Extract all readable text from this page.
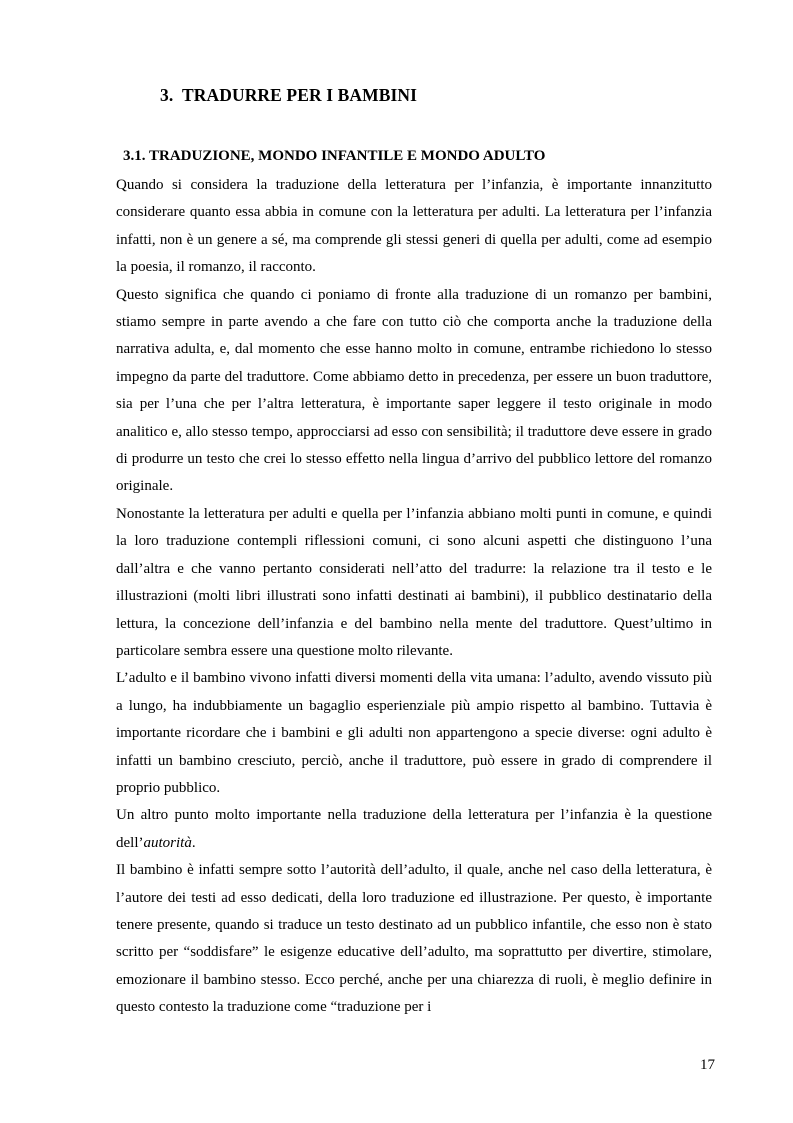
3. TRADURRE PER I BAMBINI
3.1. TRADUZIONE, MONDO INFANTILE E MONDO ADULTO

Quando si considera la traduzione della letteratura per l’infanzia, è importante innanzitutto considerare quanto essa abbia in comune con la letteratura per adulti. La letteratura per l’infanzia infatti, non è un genere a sé, ma comprende gli stessi generi di quella per adulti, come ad esempio la poesia, il romanzo, il racconto.

Questo significa che quando ci poniamo di fronte alla traduzione di un romanzo per bambini, stiamo sempre in parte avendo a che fare con tutto ciò che comporta anche la traduzione della narrativa adulta, e, dal momento che esse hanno molto in comune, entrambe richiedono lo stesso impegno da parte del traduttore. Come abbiamo detto in precedenza, per essere un buon traduttore, sia per l’una che per l’altra letteratura, è importante saper leggere il testo originale in modo analitico e, allo stesso tempo, approcciarsi ad esso con sensibilità; il traduttore deve essere in grado di produrre un testo che crei lo stesso effetto nella lingua d’arrivo del pubblico lettore del romanzo originale.

Nonostante la letteratura per adulti e quella per l’infanzia abbiano molti punti in comune, e quindi la loro traduzione contempli riflessioni comuni, ci sono alcuni aspetti che distinguono l’una dall’altra e che vanno pertanto considerati nell’atto del tradurre: la relazione tra il testo e le illustrazioni (molti libri illustrati sono infatti destinati ai bambini), il pubblico destinatario della lettura, la concezione dell’infanzia e del bambino nella mente del traduttore. Quest’ultimo in particolare sembra essere una questione molto rilevante.

L’adulto e il bambino vivono infatti diversi momenti della vita umana: l’adulto, avendo vissuto più a lungo, ha indubbiamente un bagaglio esperienziale più ampio rispetto al bambino. Tuttavia è importante ricordare che i bambini e gli adulti non appartengono a specie diverse: ogni adulto è infatti un bambino cresciuto, perciò, anche il traduttore, può essere in grado di comprendere il proprio pubblico.

Un altro punto molto importante nella traduzione della letteratura per l’infanzia è la questione dell’autorità.

Il bambino è infatti sempre sotto l’autorità dell’adulto, il quale, anche nel caso della letteratura, è l’autore dei testi ad esso dedicati, della loro traduzione ed illustrazione. Per questo, è importante tenere presente, quando si traduce un testo destinato ad un pubblico infantile, che esso non è stato scritto per “soddisfare” le esigenze educative dell’adulto, ma soprattutto per divertire, stimolare, emozionare il bambino stesso. Ecco perché, anche per una chiarezza di ruoli, è meglio definire in questo contesto la traduzione come “traduzione per i

17
